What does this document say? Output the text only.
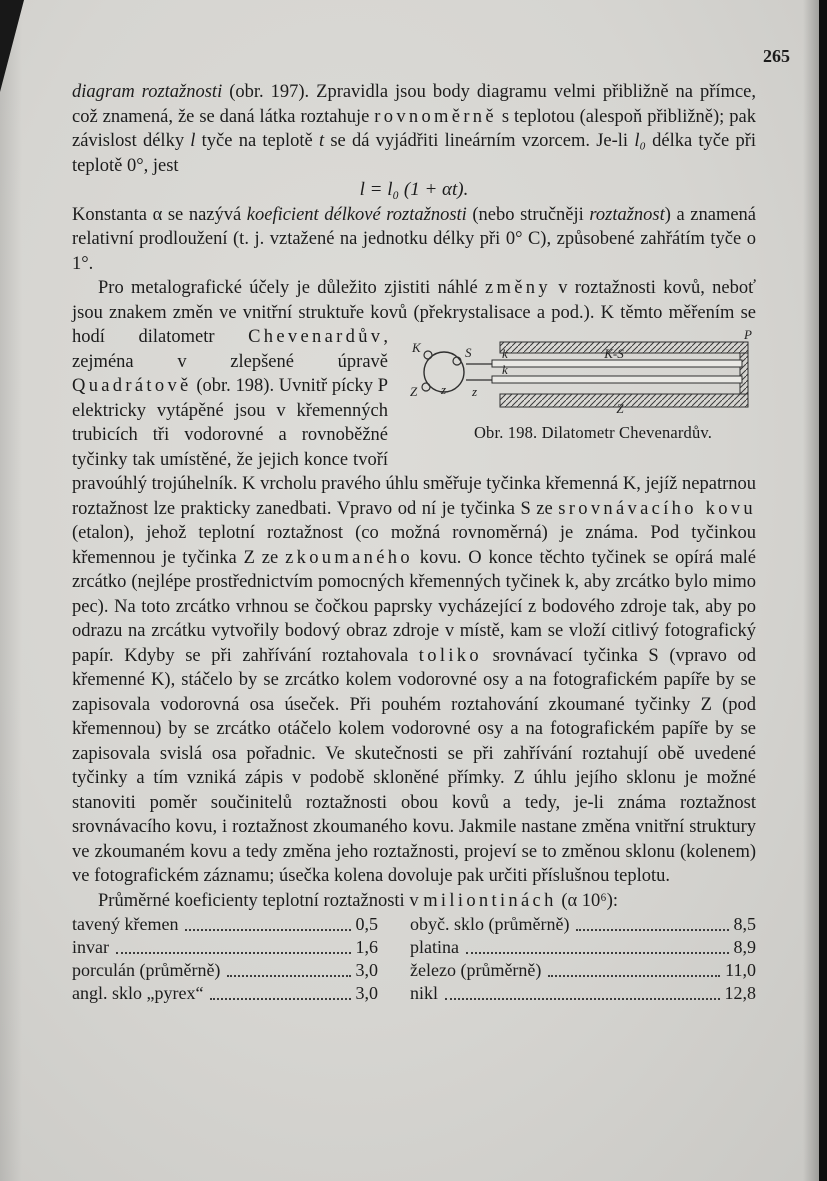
265

diagram roztažnosti (obr. 197). Zpravidla jsou body diagramu velmi přibližně na přímce, což znamená, že se daná látka roztahuje rovnoměrně s teplotou (alespoň přibližně); pak závislost délky l tyče na teplotě t se dá vyjádřiti lineárním vzorcem. Je-li l₀ délka tyče při teplotě 0°, jest

l = l₀ (1 + αt).

Konstanta α se nazývá koeficient délkové roztažnosti (nebo stručněji roztažnost) a znamená relativní prodloužení (t. j. vztažené na jednotku délky při 0° C), způsobené zahřátím tyče o 1°.

Pro metalografické účely je důležito zjistiti náhlé změny v roztažnosti kovů, neboť jsou znakem změn ve vnitřní struktuře kovů (překrystalisace a pod.). K těmto měřením se hodí dilatometr
K	S
Z z z
P
k
k
K-S
Z
Obr. 198. Dilatometr Chevenardův.
Chevenardův, zejména v zlepšené úpravě Quadrátově (obr. 198). Uvnitř pícky P elektricky vytápěné jsou v křemenných trubicích tři vodorovné a rovnoběžné tyčinky tak umístěné, že jejich konce tvoří pravoúhlý trojúhelník. K vrcholu pravého úhlu směřuje tyčinka křemenná K, jejíž nepatrnou roztažnost lze prakticky zanedbati. Vpravo od ní je tyčinka S ze srovnávacího kovu (etalon), jehož teplotní roztažnost (co možná rovnoměrná) je známa. Pod tyčinkou křemennou je tyčinka Z ze zkoumaného kovu. O konce těchto tyčinek se opírá malé zrcátko (nejlépe prostřednictvím pomocných křemenných tyčinek k, aby zrcátko bylo mimo pec). Na toto zrcátko vrhnou se čočkou paprsky vycházející z bodového zdroje tak, aby po odrazu na zrcátku vytvořily bodový obraz zdroje v místě, kam se vloží citlivý fotografický papír. Kdyby se při zahřívání roztahovala toliko srovnávací tyčinka S (vpravo od křemenné K), stáčelo by se zrcátko kolem vodorovné osy a na fotografickém papíře by se zapisovala vodorovná osa úseček. Při pouhém roztahování zkoumané tyčinky Z (pod křemennou) by se zrcátko otáčelo kolem vodorovné osy a na fotografickém papíře by se zapisovala svislá osa pořadnic. Ve skutečnosti se při zahřívání roztahují obě uvedené tyčinky a tím vzniká zápis v podobě skloněné přímky. Z úhlu jejího sklonu je možné stanoviti poměr součinitelů roztažnosti obou kovů a tedy, je-li známa roztažnost srovnávacího kovu, i roztažnost zkoumaného kovu. Jakmile nastane změna vnitřní struktury ve zkoumaném kovu a tedy změna jeho roztažnosti, projeví se to změnou sklonu (kolenem) ve fotografickém záznamu; úsečka kolena dovoluje pak určiti příslušnou teplotu.

Průměrné koeficienty teplotní roztažnosti v miliontinách (α 10⁶):

tavený křemen	0,5
invar	1,6
porculán (průměrně)	3,0
angl. sklo „pyrex“	3,0
obyč. sklo (průměrně)	8,5
platina	8,9
železo (průměrně)	11,0
nikl	12,8
